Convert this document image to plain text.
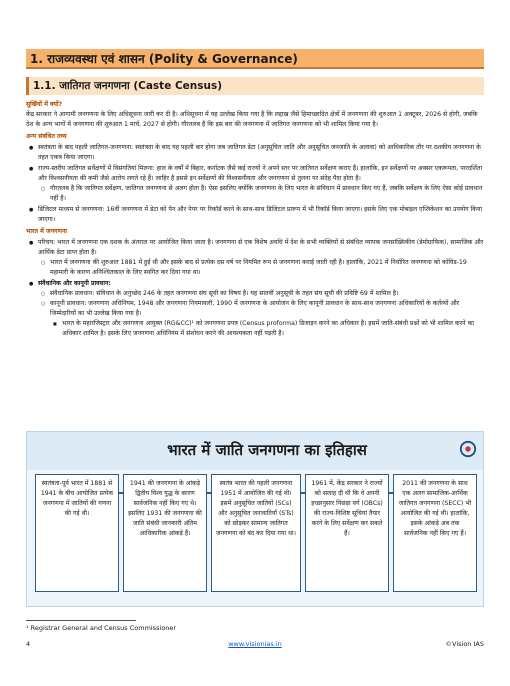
1. राजव्यवस्था एवं शासन (Polity & Governance)
1.1. जातिगत जनगणना (Caste Census)
सुर्खियों में क्यों?
केंद्र सरकार ने आगामी जनगणना के लिए अधिसूचना जारी कर दी है। अधिसूचना में यह उल्लेख किया गया है कि लद्दाख जैसे हिमाच्छादित क्षेत्रों में जनगणना की शुरुआत 1 अक्टूबर, 2026 से होगी, जबकि देश के अन्य भागों में जनगणना की शुरुआत 1 मार्च, 2027 से होगी। गौरतलब है कि इस बार की जनगणना में जातिगत जनगणना को भी शामिल किया गया है।
अन्य संबंधित तथ्य
● स्वतंत्रता के बाद पहली जातिगत-जनगणना: स्वतंत्रता के बाद यह पहली बार होगा जब जातिगत डेटा (अनुसूचित जाति और अनुसूचित जनजाति के अलावा) को आधिकारिक तौर पर दशकीय जनगणना के तहत एकत्र किया जाएगा।
● राज्य-स्तरीय जातिगत सर्वेक्षणों में विसंगतियां मिलना: हाल के वर्षों में बिहार, कर्नाटक जैसे कई राज्यों ने अपने स्तर पर जातिगत सर्वेक्षण कराए हैं। हालांकि, इन सर्वेक्षणों पर अक्सर एकरूपता, पारदर्शिता और विश्वसनीयता की कमी जैसे आरोप लगते रहे हैं। जाहिर है इससे इन सर्वेक्षणों की विश्वसनीयता और जनगणना से तुलना पर संदेह पैदा होता है।
○ गौरतलब है कि जातिगत सर्वेक्षण, जातिगत जनगणना से अलग होता है। ऐसा इसलिए क्योंकि जनगणना के लिए भारत के संविधान में प्रावधान किए गए हैं, जबकि सर्वेक्षण के लिए ऐसा कोई प्रावधान नहीं है।
● डिजिटल माध्यम से जनगणना: 16वीं जनगणना में डेटा को पेन और पेपर पर रिकॉर्ड करने के साथ-साथ डिजिटल प्रारूप में भी रिकॉर्ड किया जाएगा। इसके लिए एक मोबाइल एप्लिकेशन का उपयोग किया जाएगा।
भारत में जनगणना
● परिचय: भारत में जनगणना एक दशक के अंतराल पर आयोजित किया जाता है। जनगणना से एक विशेष अवधि में देश के सभी व्यक्तियों से संबंधित व्यापक जनसांख्यिकीय (डेमोग्राफिक), सामाजिक और आर्थिक डेटा प्राप्त होता है।
○ भारत में जनगणना की शुरुआत 1881 में हुई थी और इसके बाद से प्रत्येक दस वर्ष पर नियमित रूप से जनगणना कराई जाती रही है। हालांकि, 2021 में निर्धारित जनगणना को कोविड-19 महामारी के कारण अनिश्चितकाल के लिए स्थगित कर दिया गया था।
● संवैधानिक और कानूनी प्रावधान:
○ संवैधानिक प्रावधान: संविधान के अनुच्छेद 246 के तहत जनगणना संघ सूची का विषय है। यह सातवीं अनुसूची के तहत संघ सूची की प्रविष्टि 69 में शामिल है।
○ कानूनी प्रावधान: जनगणना अधिनियम, 1948 और जनगणना नियमावली, 1990 में जनगणना के आयोजन के लिए कानूनी प्रावधान के साथ-साथ जनगणना अधिकारियों के कर्तव्यों और जिम्मेदारियों का भी उल्लेख किया गया है।
■ भारत के महारजिस्ट्रार और जनगणना आयुक्त (RG&CC)¹ को जनगणना प्रपत्र (Census proforma) डिजाइन करने का अधिकार है। इसमें जाति-संबंधी प्रश्नों को भी शामिल करने का अधिकार शामिल है। इसके लिए जनगणना अधिनियम में संशोधन करने की आवश्यकता नहीं पड़ती है।
भारत में जाति जनगणना का इतिहास
स्वतंत्रता-पूर्व भारत में 1881 से 1941 के बीच आयोजित प्रत्येक जनगणना में जातियों की गणना की गई थी।
1941 की जनगणना के आंकड़े द्वितीय विश्व युद्ध के कारण सार्वजनिक नहीं किए गए थे। इसलिए 1931 की जनगणना की जाति संबंधी जानकारी अंतिम आधिकारिक आंकड़े हैं।
स्वतंत्र भारत की पहली जनगणना 1951 में आयोजित की गई थी। इसमें अनुसूचित जातियों (SCs) और अनुसूचित जनजातियों (STs) को छोड़कर सामान्य जातिगत जनगणना को बंद कर दिया गया था।
1961 में, केंद्र सरकार ने राज्यों को सलाह दी थी कि वे अपनी इच्छानुसार पिछड़ा वर्ग (OBCs) की राज्य-विशिष्ट सूचियां तैयार करने के लिए सर्वेक्षण कर सकते हैं।
2011 की जनगणना के साथ एक अलग सामाजिक-आर्थिक जातिगत जनगणना (SECC) भी आयोजित की गई थी। हालांकि, इसके आंकड़े अब तक सार्वजनिक नहीं किए गए हैं।
¹ Registrar General and Census Commissioner
4	www.visionias.in	©Vision IAS
